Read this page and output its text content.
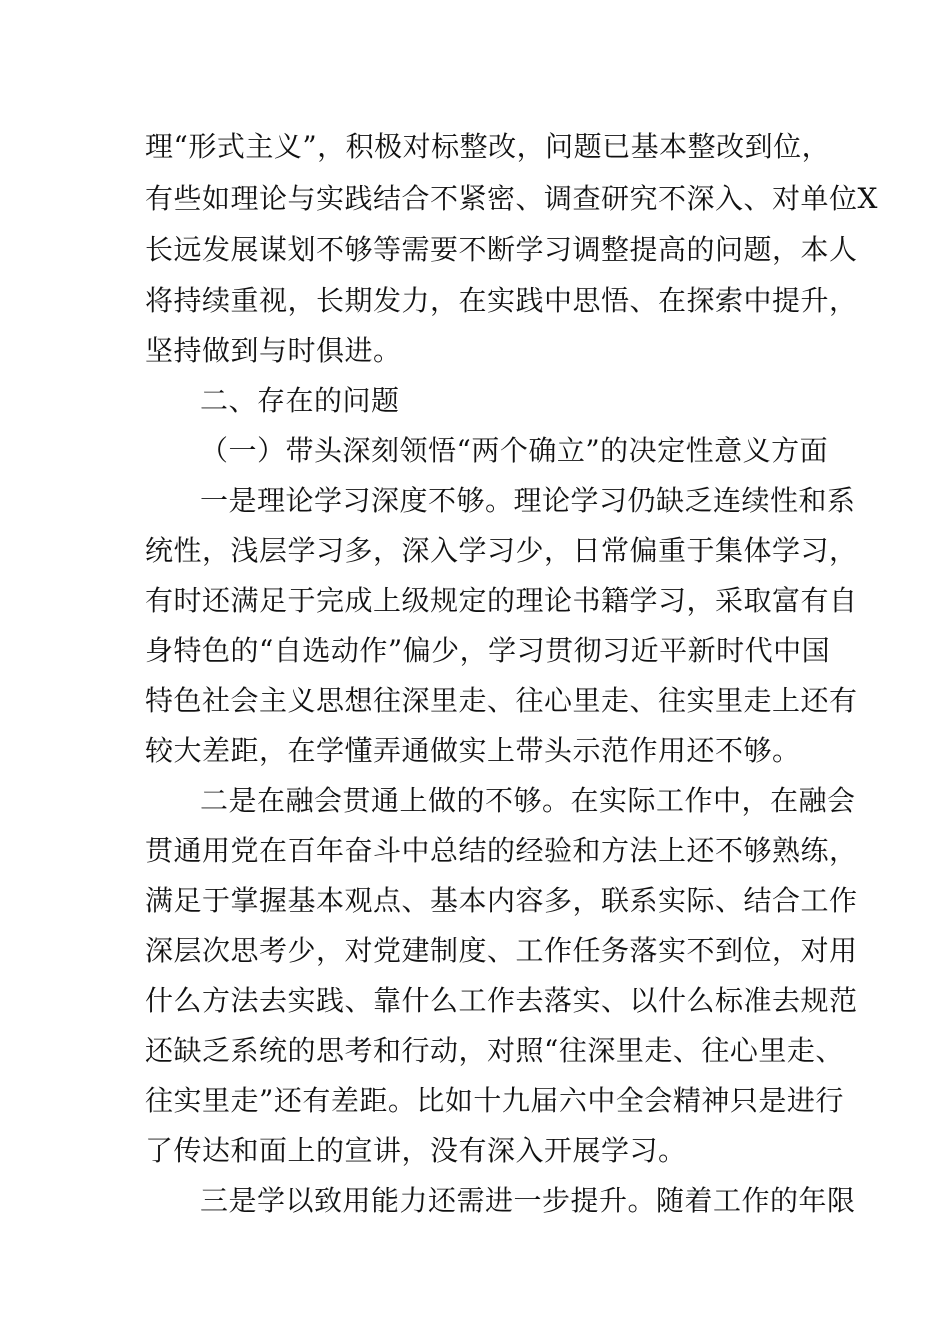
理“形式主义”，积极对标整改，问题已基本整改到位，
有些如理论与实践结合不紧密、调查研究不深入、对单位X
长远发展谋划不够等需要不断学习调整提高的问题，本人
将持续重视，长期发力，在实践中思悟、在探索中提升，
坚持做到与时俱进。
二、存在的问题
（一）带头深刻领悟“两个确立”的决定性意义方面
一是理论学习深度不够。理论学习仍缺乏连续性和系
统性，浅层学习多，深入学习少，日常偏重于集体学习，
有时还满足于完成上级规定的理论书籍学习，采取富有自
身特色的“自选动作”偏少，学习贯彻习近平新时代中国
特色社会主义思想往深里走、往心里走、往实里走上还有
较大差距，在学懂弄通做实上带头示范作用还不够。
二是在融会贯通上做的不够。在实际工作中，在融会
贯通用党在百年奋斗中总结的经验和方法上还不够熟练，
满足于掌握基本观点、基本内容多，联系实际、结合工作
深层次思考少，对党建制度、工作任务落实不到位，对用
什么方法去实践、靠什么工作去落实、以什么标准去规范
还缺乏系统的思考和行动，对照“往深里走、往心里走、
往实里走”还有差距。比如十九届六中全会精神只是进行
了传达和面上的宣讲，没有深入开展学习。
三是学以致用能力还需进一步提升。随着工作的年限
